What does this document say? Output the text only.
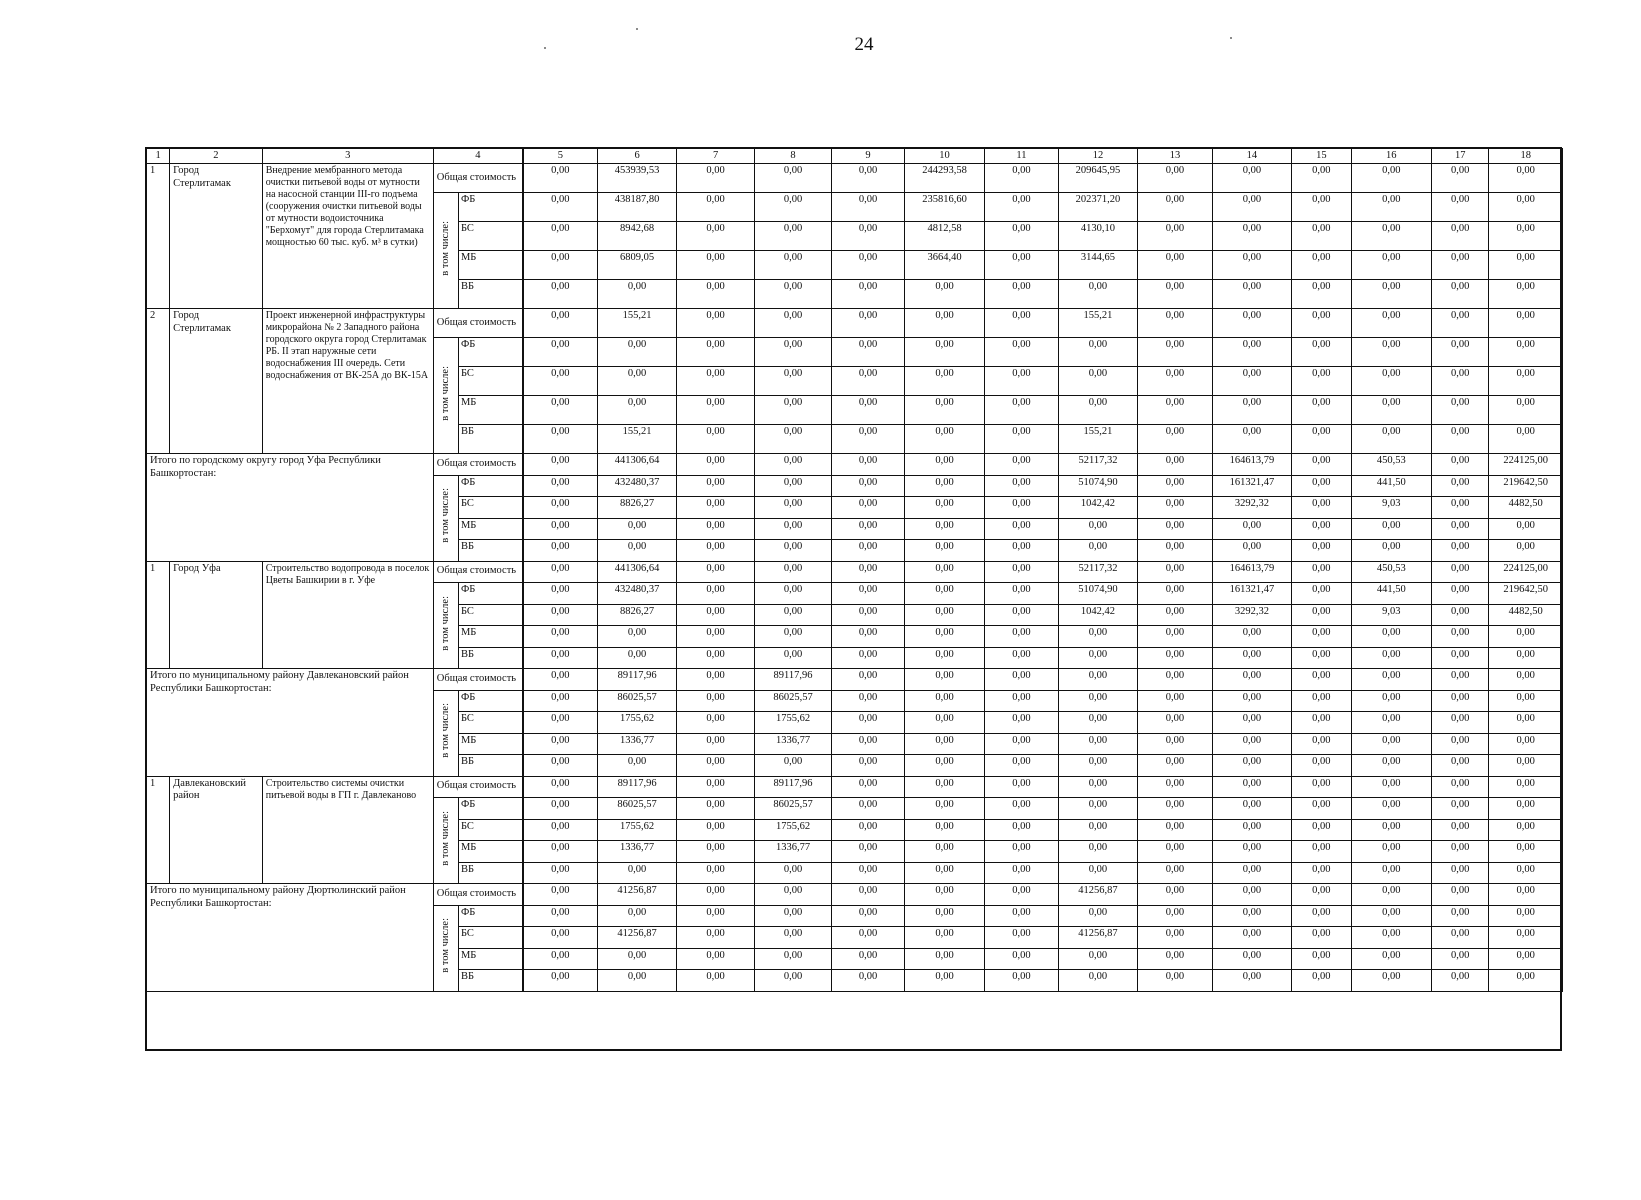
24
1	2	3	4		5	6	7	8	9	10	11	12	13	14	15	16	17	18
1	Город Стерлитамак	Внедрение мембранного метода очистки питьевой воды от мутности на насосной станции III-го подъема (сооружения очистки питьевой воды от мутности водоисточника "Берхомут" для города Стерлитамака мощностью 60 тыс. куб. м³ в сутки)	Общая стоимость		0,00	453939,53	0,00	0,00	0,00	244293,58	0,00	209645,95	0,00	0,00	0,00	0,00	0,00	0,00
			в том числе:	ФБ	0,00	438187,80	0,00	0,00	0,00	235816,60	0,00	202371,20	0,00	0,00	0,00	0,00	0,00	0,00
				БС	0,00	8942,68	0,00	0,00	0,00	4812,58	0,00	4130,10	0,00	0,00	0,00	0,00	0,00	0,00
				МБ	0,00	6809,05	0,00	0,00	0,00	3664,40	0,00	3144,65	0,00	0,00	0,00	0,00	0,00	0,00
				ВБ	0,00	0,00	0,00	0,00	0,00	0,00	0,00	0,00	0,00	0,00	0,00	0,00	0,00	0,00
2	Город Стерлитамак	Проект инженерной инфраструктуры микрорайона № 2 Западного района городского округа город Стерлитамак РБ. II этап наружные сети водоснабжения III очередь. Сети водоснабжения от ВК-25А до ВК-15А	Общая стоимость		0,00	155,21	0,00	0,00	0,00	0,00	0,00	155,21	0,00	0,00	0,00	0,00	0,00	0,00
			в том числе:	ФБ	0,00	0,00	0,00	0,00	0,00	0,00	0,00	0,00	0,00	0,00	0,00	0,00	0,00	0,00
				БС	0,00	0,00	0,00	0,00	0,00	0,00	0,00	0,00	0,00	0,00	0,00	0,00	0,00	0,00
				МБ	0,00	0,00	0,00	0,00	0,00	0,00	0,00	0,00	0,00	0,00	0,00	0,00	0,00	0,00
				ВБ	0,00	155,21	0,00	0,00	0,00	0,00	0,00	155,21	0,00	0,00	0,00	0,00	0,00	0,00
Итого по городскому округу город Уфа Республики Башкортостан:			Общая стоимость		0,00	441306,64	0,00	0,00	0,00	0,00	0,00	52117,32	0,00	164613,79	0,00	450,53	0,00	224125,00
			в том числе:	ФБ	0,00	432480,37	0,00	0,00	0,00	0,00	0,00	51074,90	0,00	161321,47	0,00	441,50	0,00	219642,50
				БС	0,00	8826,27	0,00	0,00	0,00	0,00	0,00	1042,42	0,00	3292,32	0,00	9,03	0,00	4482,50
				МБ	0,00	0,00	0,00	0,00	0,00	0,00	0,00	0,00	0,00	0,00	0,00	0,00	0,00	0,00
				ВБ	0,00	0,00	0,00	0,00	0,00	0,00	0,00	0,00	0,00	0,00	0,00	0,00	0,00	0,00
1	Город Уфа	Строительство водопровода в поселок Цветы Башкирии в г. Уфе	Общая стоимость		0,00	441306,64	0,00	0,00	0,00	0,00	0,00	52117,32	0,00	164613,79	0,00	450,53	0,00	224125,00
			в том числе:	ФБ	0,00	432480,37	0,00	0,00	0,00	0,00	0,00	51074,90	0,00	161321,47	0,00	441,50	0,00	219642,50
				БС	0,00	8826,27	0,00	0,00	0,00	0,00	0,00	1042,42	0,00	3292,32	0,00	9,03	0,00	4482,50
				МБ	0,00	0,00	0,00	0,00	0,00	0,00	0,00	0,00	0,00	0,00	0,00	0,00	0,00	0,00
				ВБ	0,00	0,00	0,00	0,00	0,00	0,00	0,00	0,00	0,00	0,00	0,00	0,00	0,00	0,00
Итого по муниципальному району Давлекановский район Республики Башкортостан:			Общая стоимость		0,00	89117,96	0,00	89117,96	0,00	0,00	0,00	0,00	0,00	0,00	0,00	0,00	0,00	0,00
			в том числе:	ФБ	0,00	86025,57	0,00	86025,57	0,00	0,00	0,00	0,00	0,00	0,00	0,00	0,00	0,00	0,00
				БС	0,00	1755,62	0,00	1755,62	0,00	0,00	0,00	0,00	0,00	0,00	0,00	0,00	0,00	0,00
				МБ	0,00	1336,77	0,00	1336,77	0,00	0,00	0,00	0,00	0,00	0,00	0,00	0,00	0,00	0,00
				ВБ	0,00	0,00	0,00	0,00	0,00	0,00	0,00	0,00	0,00	0,00	0,00	0,00	0,00	0,00
1	Давлекановский район	Строительство системы очистки питьевой воды в ГП г. Давлеканово	Общая стоимость		0,00	89117,96	0,00	89117,96	0,00	0,00	0,00	0,00	0,00	0,00	0,00	0,00	0,00	0,00
			в том числе:	ФБ	0,00	86025,57	0,00	86025,57	0,00	0,00	0,00	0,00	0,00	0,00	0,00	0,00	0,00	0,00
				БС	0,00	1755,62	0,00	1755,62	0,00	0,00	0,00	0,00	0,00	0,00	0,00	0,00	0,00	0,00
				МБ	0,00	1336,77	0,00	1336,77	0,00	0,00	0,00	0,00	0,00	0,00	0,00	0,00	0,00	0,00
				ВБ	0,00	0,00	0,00	0,00	0,00	0,00	0,00	0,00	0,00	0,00	0,00	0,00	0,00	0,00
Итого по муниципальному району Дюртюлинский район Республики Башкортостан:			Общая стоимость		0,00	41256,87	0,00	0,00	0,00	0,00	0,00	41256,87	0,00	0,00	0,00	0,00	0,00	0,00
			в том числе:	ФБ	0,00	0,00	0,00	0,00	0,00	0,00	0,00	0,00	0,00	0,00	0,00	0,00	0,00	0,00
				БС	0,00	41256,87	0,00	0,00	0,00	0,00	0,00	41256,87	0,00	0,00	0,00	0,00	0,00	0,00
				МБ	0,00	0,00	0,00	0,00	0,00	0,00	0,00	0,00	0,00	0,00	0,00	0,00	0,00	0,00
				ВБ	0,00	0,00	0,00	0,00	0,00	0,00	0,00	0,00	0,00	0,00	0,00	0,00	0,00	0,00
